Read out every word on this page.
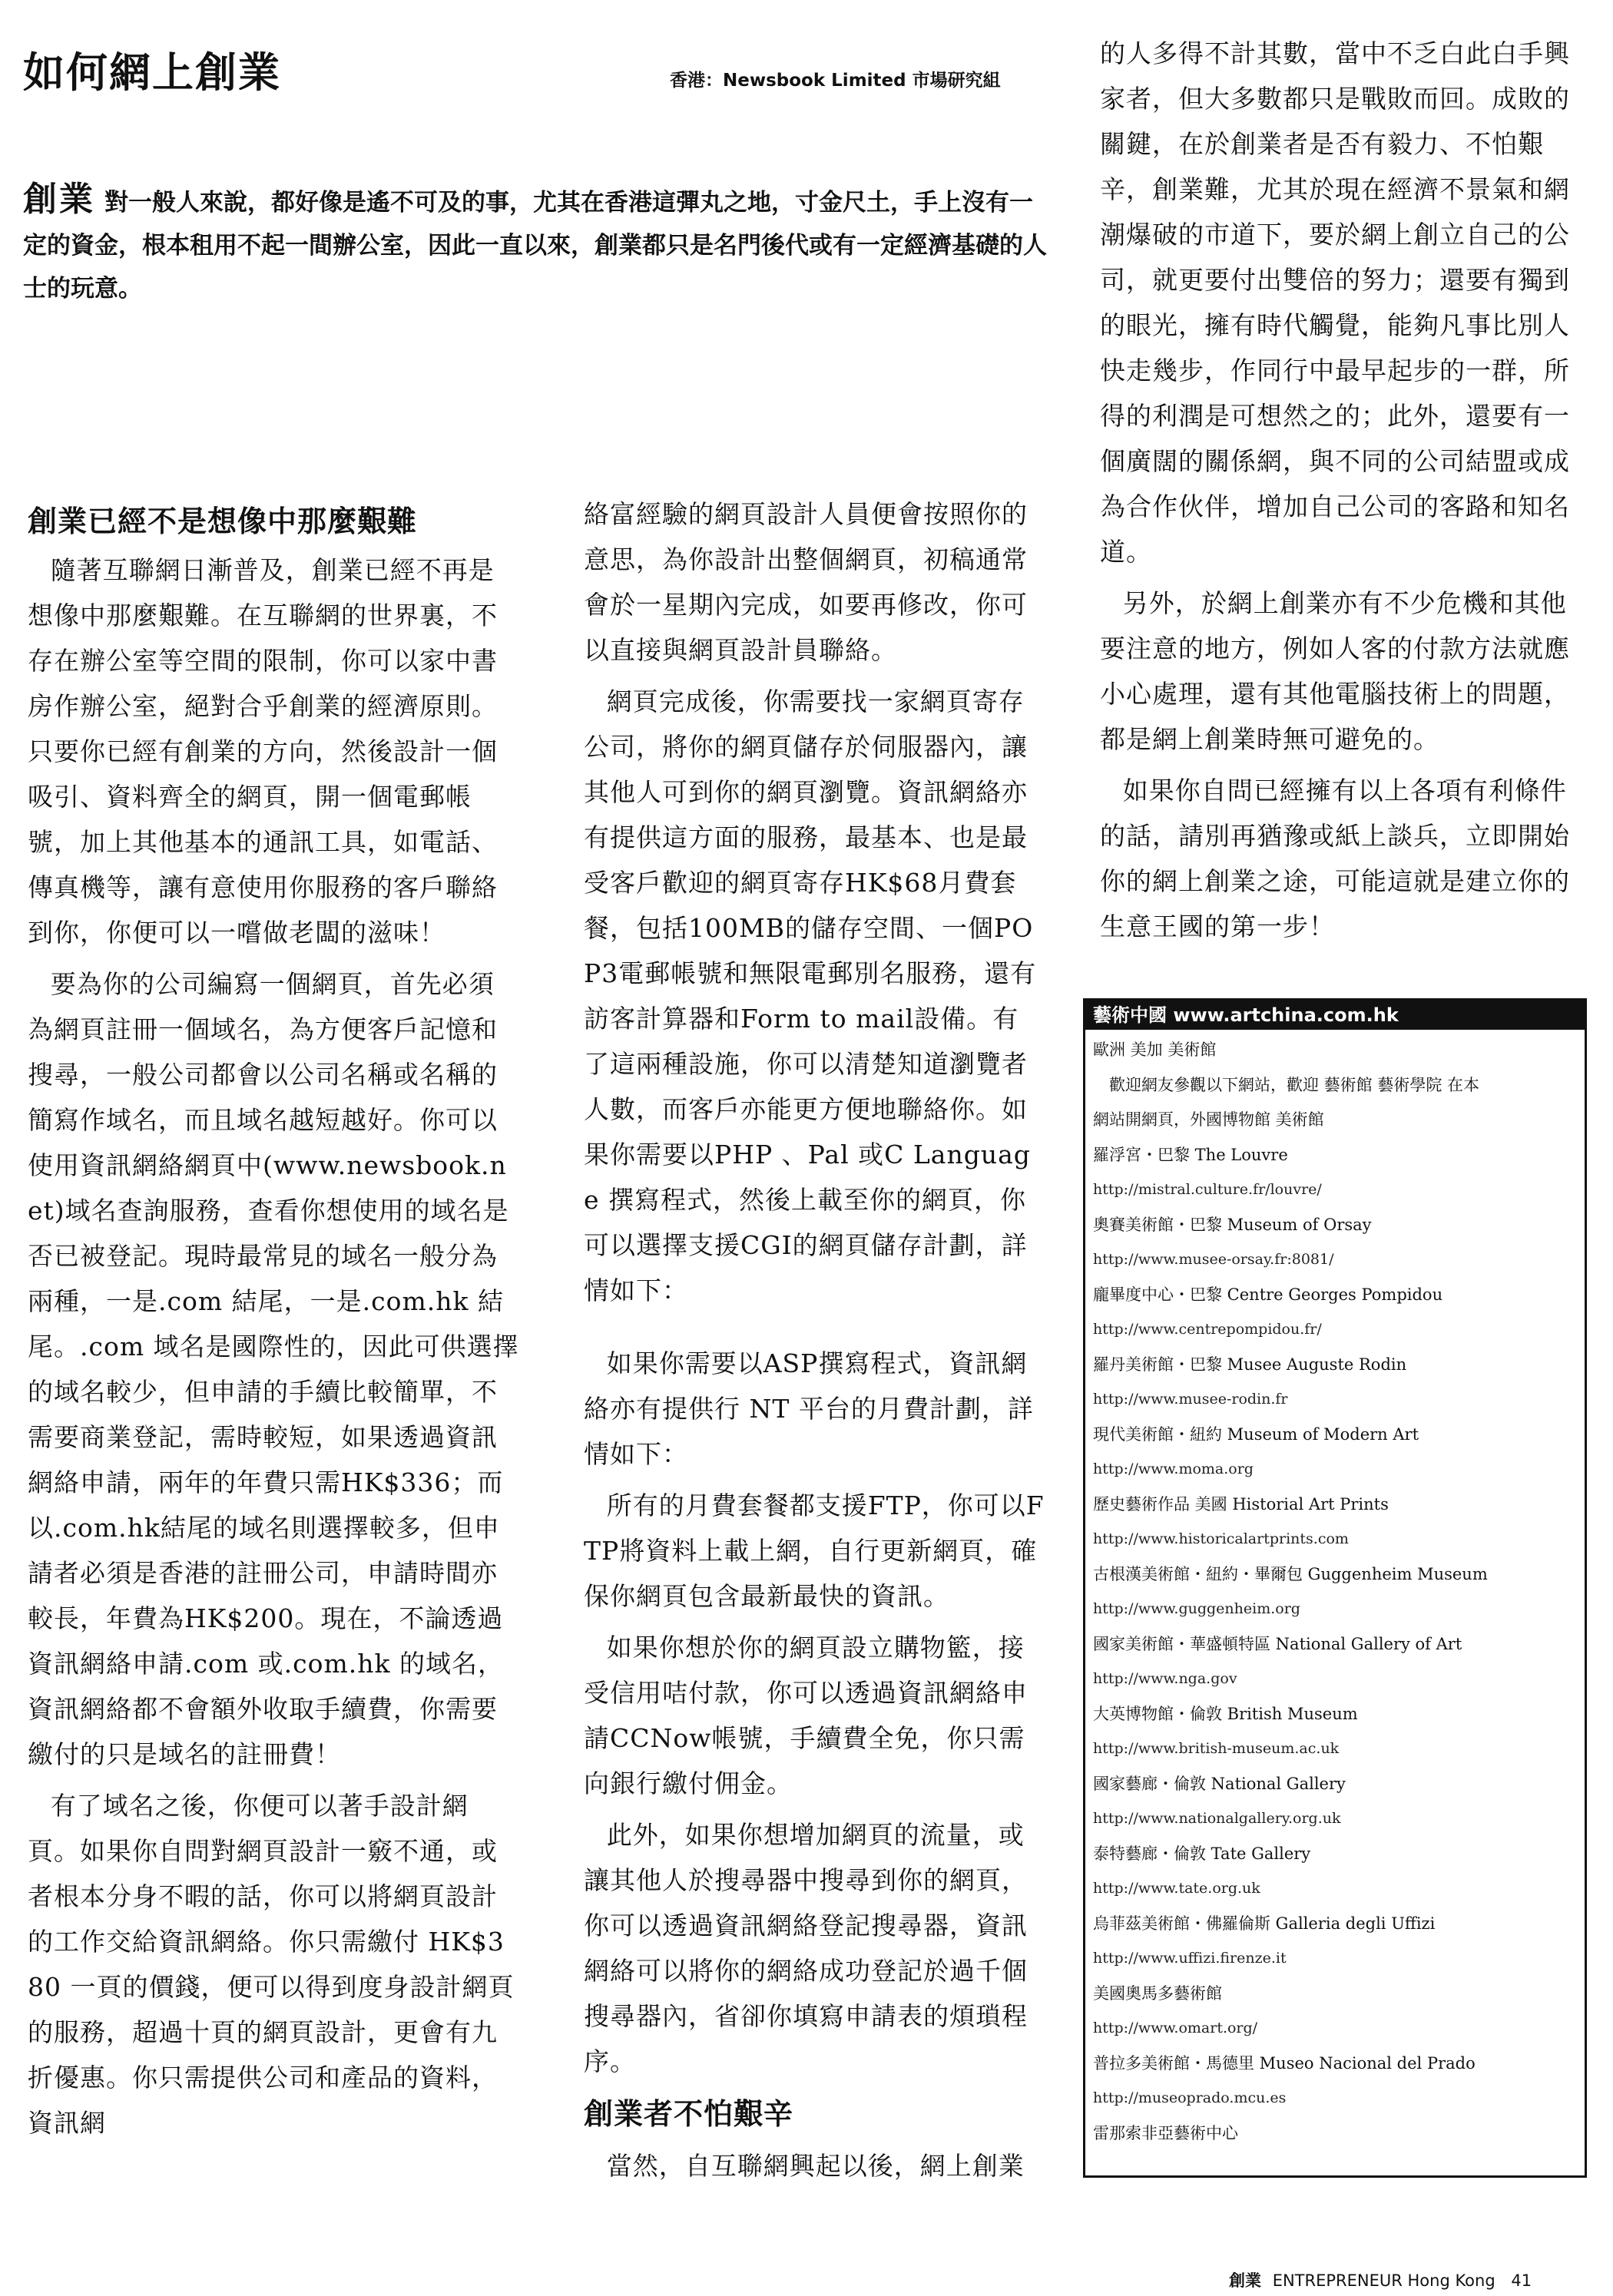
如何網上創業	香港：Newsbook Limited 市場研究組
創業 對一般人來說，都好像是遙不可及的事，尤其在香港這彈丸之地，寸金尺土，手上沒有一定的資金，根本租用不起一間辦公室，因此一直以來，創業都只是名門後代或有一定經濟基礎的人士的玩意。
創業已經不是想像中那麼艱難

隨著互聯網日漸普及，創業已經不再是想像中那麼艱難。在互聯網的世界裏，不存在辦公室等空間的限制，你可以家中書房作辦公室，絕對合乎創業的經濟原則。只要你已經有創業的方向，然後設計一個吸引、資料齊全的網頁，開一個電郵帳號，加上其他基本的通訊工具，如電話、傳真機等，讓有意使用你服務的客戶聯絡到你，你便可以一嚐做老闆的滋味！

要為你的公司編寫一個網頁，首先必須為網頁註冊一個域名，為方便客戶記憶和搜尋，一般公司都會以公司名稱或名稱的簡寫作域名，而且域名越短越好。你可以使用資訊網絡網頁中(www.newsbook.net)域名查詢服務，查看你想使用的域名是否已被登記。現時最常見的域名一般分為兩種，一是.com 結尾，一是.com.hk 結尾。.com 域名是國際性的，因此可供選擇的域名較少，但申請的手續比較簡單，不需要商業登記，需時較短，如果透過資訊網絡申請，兩年的年費只需HK$336；而以.com.hk結尾的域名則選擇較多，但申請者必須是香港的註冊公司，申請時間亦較長，年費為HK$200。現在，不論透過資訊網絡申請.com 或.com.hk 的域名，資訊網絡都不會額外收取手續費，你需要繳付的只是域名的註冊費！

有了域名之後，你便可以著手設計網頁。如果你自問對網頁設計一竅不通，或者根本分身不暇的話，你可以將網頁設計的工作交給資訊網絡。你只需繳付 HK$380 一頁的價錢，便可以得到度身設計網頁的服務，超過十頁的網頁設計，更會有九折優惠。你只需提供公司和產品的資料，資訊網

絡富經驗的網頁設計人員便會按照你的意思，為你設計出整個網頁，初稿通常會於一星期內完成，如要再修改，你可以直接與網頁設計員聯絡。

網頁完成後，你需要找一家網頁寄存公司，將你的網頁儲存於伺服器內，讓其他人可到你的網頁瀏覽。資訊網絡亦有提供這方面的服務，最基本、也是最受客戶歡迎的網頁寄存HK$68月費套餐，包括100MB的儲存空間、一個POP3電郵帳號和無限電郵別名服務，還有訪客計算器和Form to mail設備。有了這兩種設施，你可以清楚知道瀏覽者人數，而客戶亦能更方便地聯絡你。如果你需要以PHP 、Pal 或C Language 撰寫程式，然後上載至你的網頁，你可以選擇支援CGI的網頁儲存計劃，詳情如下：

如果你需要以ASP撰寫程式，資訊網絡亦有提供行 NT 平台的月費計劃，詳情如下：

所有的月費套餐都支援FTP，你可以FTP將資料上載上網，自行更新網頁，確保你網頁包含最新最快的資訊。

如果你想於你的網頁設立購物籃，接受信用咭付款，你可以透過資訊網絡申請CCNow帳號，手續費全免，你只需向銀行繳付佣金。

此外，如果你想增加網頁的流量，或讓其他人於搜尋器中搜尋到你的網頁，你可以透過資訊網絡登記搜尋器，資訊網絡可以將你的網絡成功登記於過千個搜尋器內，省卻你填寫申請表的煩瑣程序。

創業者不怕艱辛

當然，自互聯網興起以後，網上創業

的人多得不計其數，當中不乏白此白手興家者，但大多數都只是戰敗而回。成敗的關鍵，在於創業者是否有毅力、不怕艱辛，創業難，尤其於現在經濟不景氣和網潮爆破的市道下，要於網上創立自己的公司，就更要付出雙倍的努力；還要有獨到的眼光，擁有時代觸覺，能夠凡事比別人快走幾步，作同行中最早起步的一群，所得的利潤是可想然之的；此外，還要有一個廣闊的關係網，與不同的公司結盟或成為合作伙伴，增加自己公司的客路和知名道。

另外，於網上創業亦有不少危機和其他要注意的地方，例如人客的付款方法就應小心處理，還有其他電腦技術上的問題，都是網上創業時無可避免的。

如果你自問已經擁有以上各項有利條件的話，請別再猶豫或紙上談兵，立即開始你的網上創業之途，可能這就是建立你的生意王國的第一步！

藝術中國 www.artchina.com.hk
歐洲 美加 美術館
　歡迎網友參觀以下網站，歡迎 藝術館 藝術學院 在本
網站開網頁，外國博物館 美術館
羅浮宮・巴黎 The Louvre
http://mistral.culture.fr/louvre/
奧賽美術館・巴黎 Museum of Orsay
http://www.musee-orsay.fr:8081/
龐畢度中心・巴黎 Centre Georges Pompidou
http://www.centrepompidou.fr/
羅丹美術館・巴黎 Musee Auguste Rodin
http://www.musee-rodin.fr
現代美術館・紐約 Museum of Modern Art
http://www.moma.org
歷史藝術作品 美國 Historial Art Prints
http://www.historicalartprints.com
古根漢美術館・紐約・畢爾包 Guggenheim Museum
http://www.guggenheim.org
國家美術館・華盛頓特區 National Gallery of Art
http://www.nga.gov
大英博物館・倫敦 British Museum
http://www.british-museum.ac.uk
國家藝廊・倫敦 National Gallery
http://www.nationalgallery.org.uk
泰特藝廊・倫敦 Tate Gallery
http://www.tate.org.uk
烏菲茲美術館・佛羅倫斯 Galleria degli Uffizi
http://www.uffizi.firenze.it
美國奧馬多藝術館
http://www.omart.org/
普拉多美術館・馬德里 Museo Nacional del Prado
http://museoprado.mcu.es
雷那索非亞藝術中心
創業 ENTREPRENEUR Hong Kong 41
